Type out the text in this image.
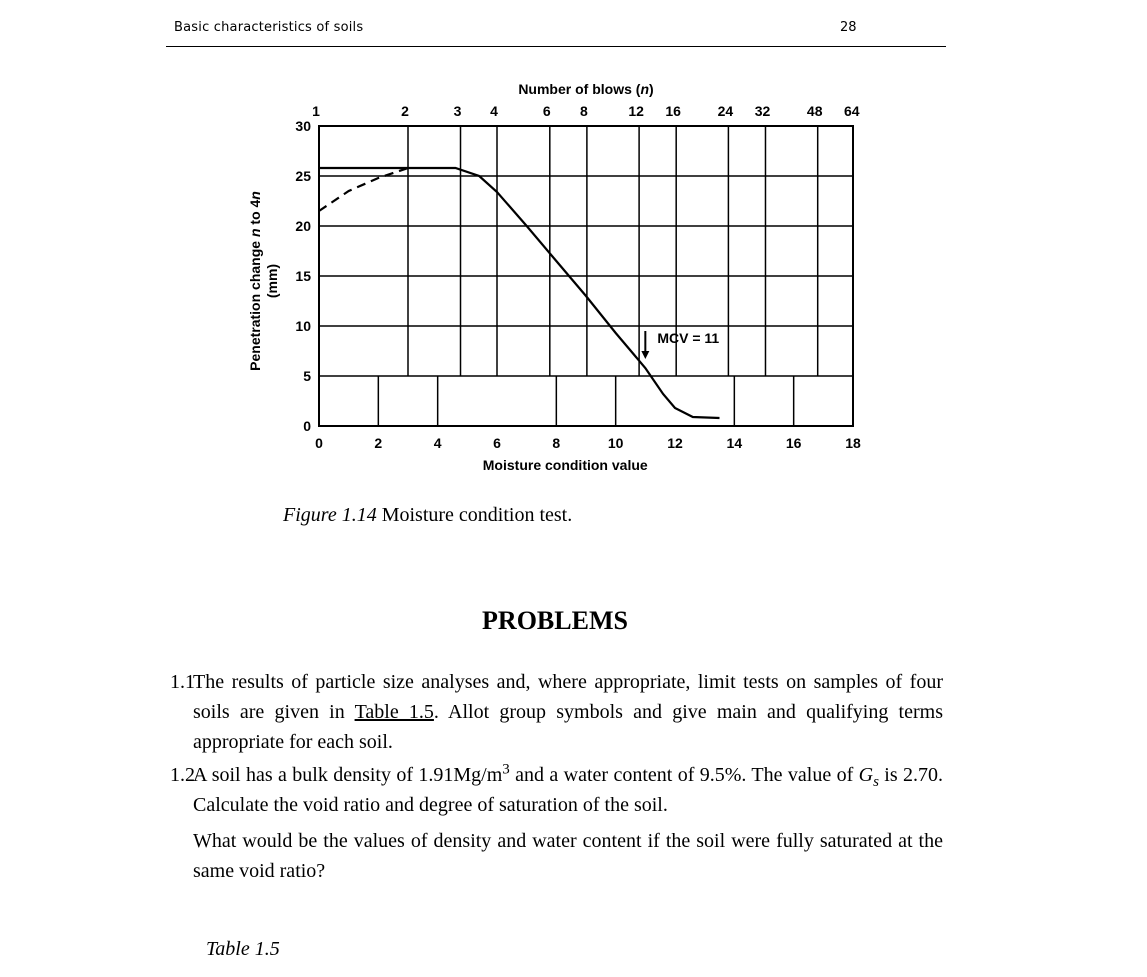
Basic characteristics of soils	28
0	2	4	6	8	10	12	14	16	18
0
5
10
15
20
25
30
1	2	3 4	6 8	12 16	24 32	48 64
Number of blows (n)
Moisture condition value
Penetration change n to 4n
(mm)
MCV = 11
Figure 1.14 Moisture condition test.
PROBLEMS
1.1
The results of particle size analyses and, where appropriate, limit tests on samples of four soils are given in Table 1.5. Allot group symbols and give main and qualifying terms appropriate for each soil.
1.2
A soil has a bulk density of $1.91Mg/m^3$ and a water content of 9.5%. The value of $G_s$ is 2.70. Calculate the void ratio and degree of saturation of the soil.
What would be the values of density and water content if the soil were fully saturated at the same void ratio?
Table 1.5
